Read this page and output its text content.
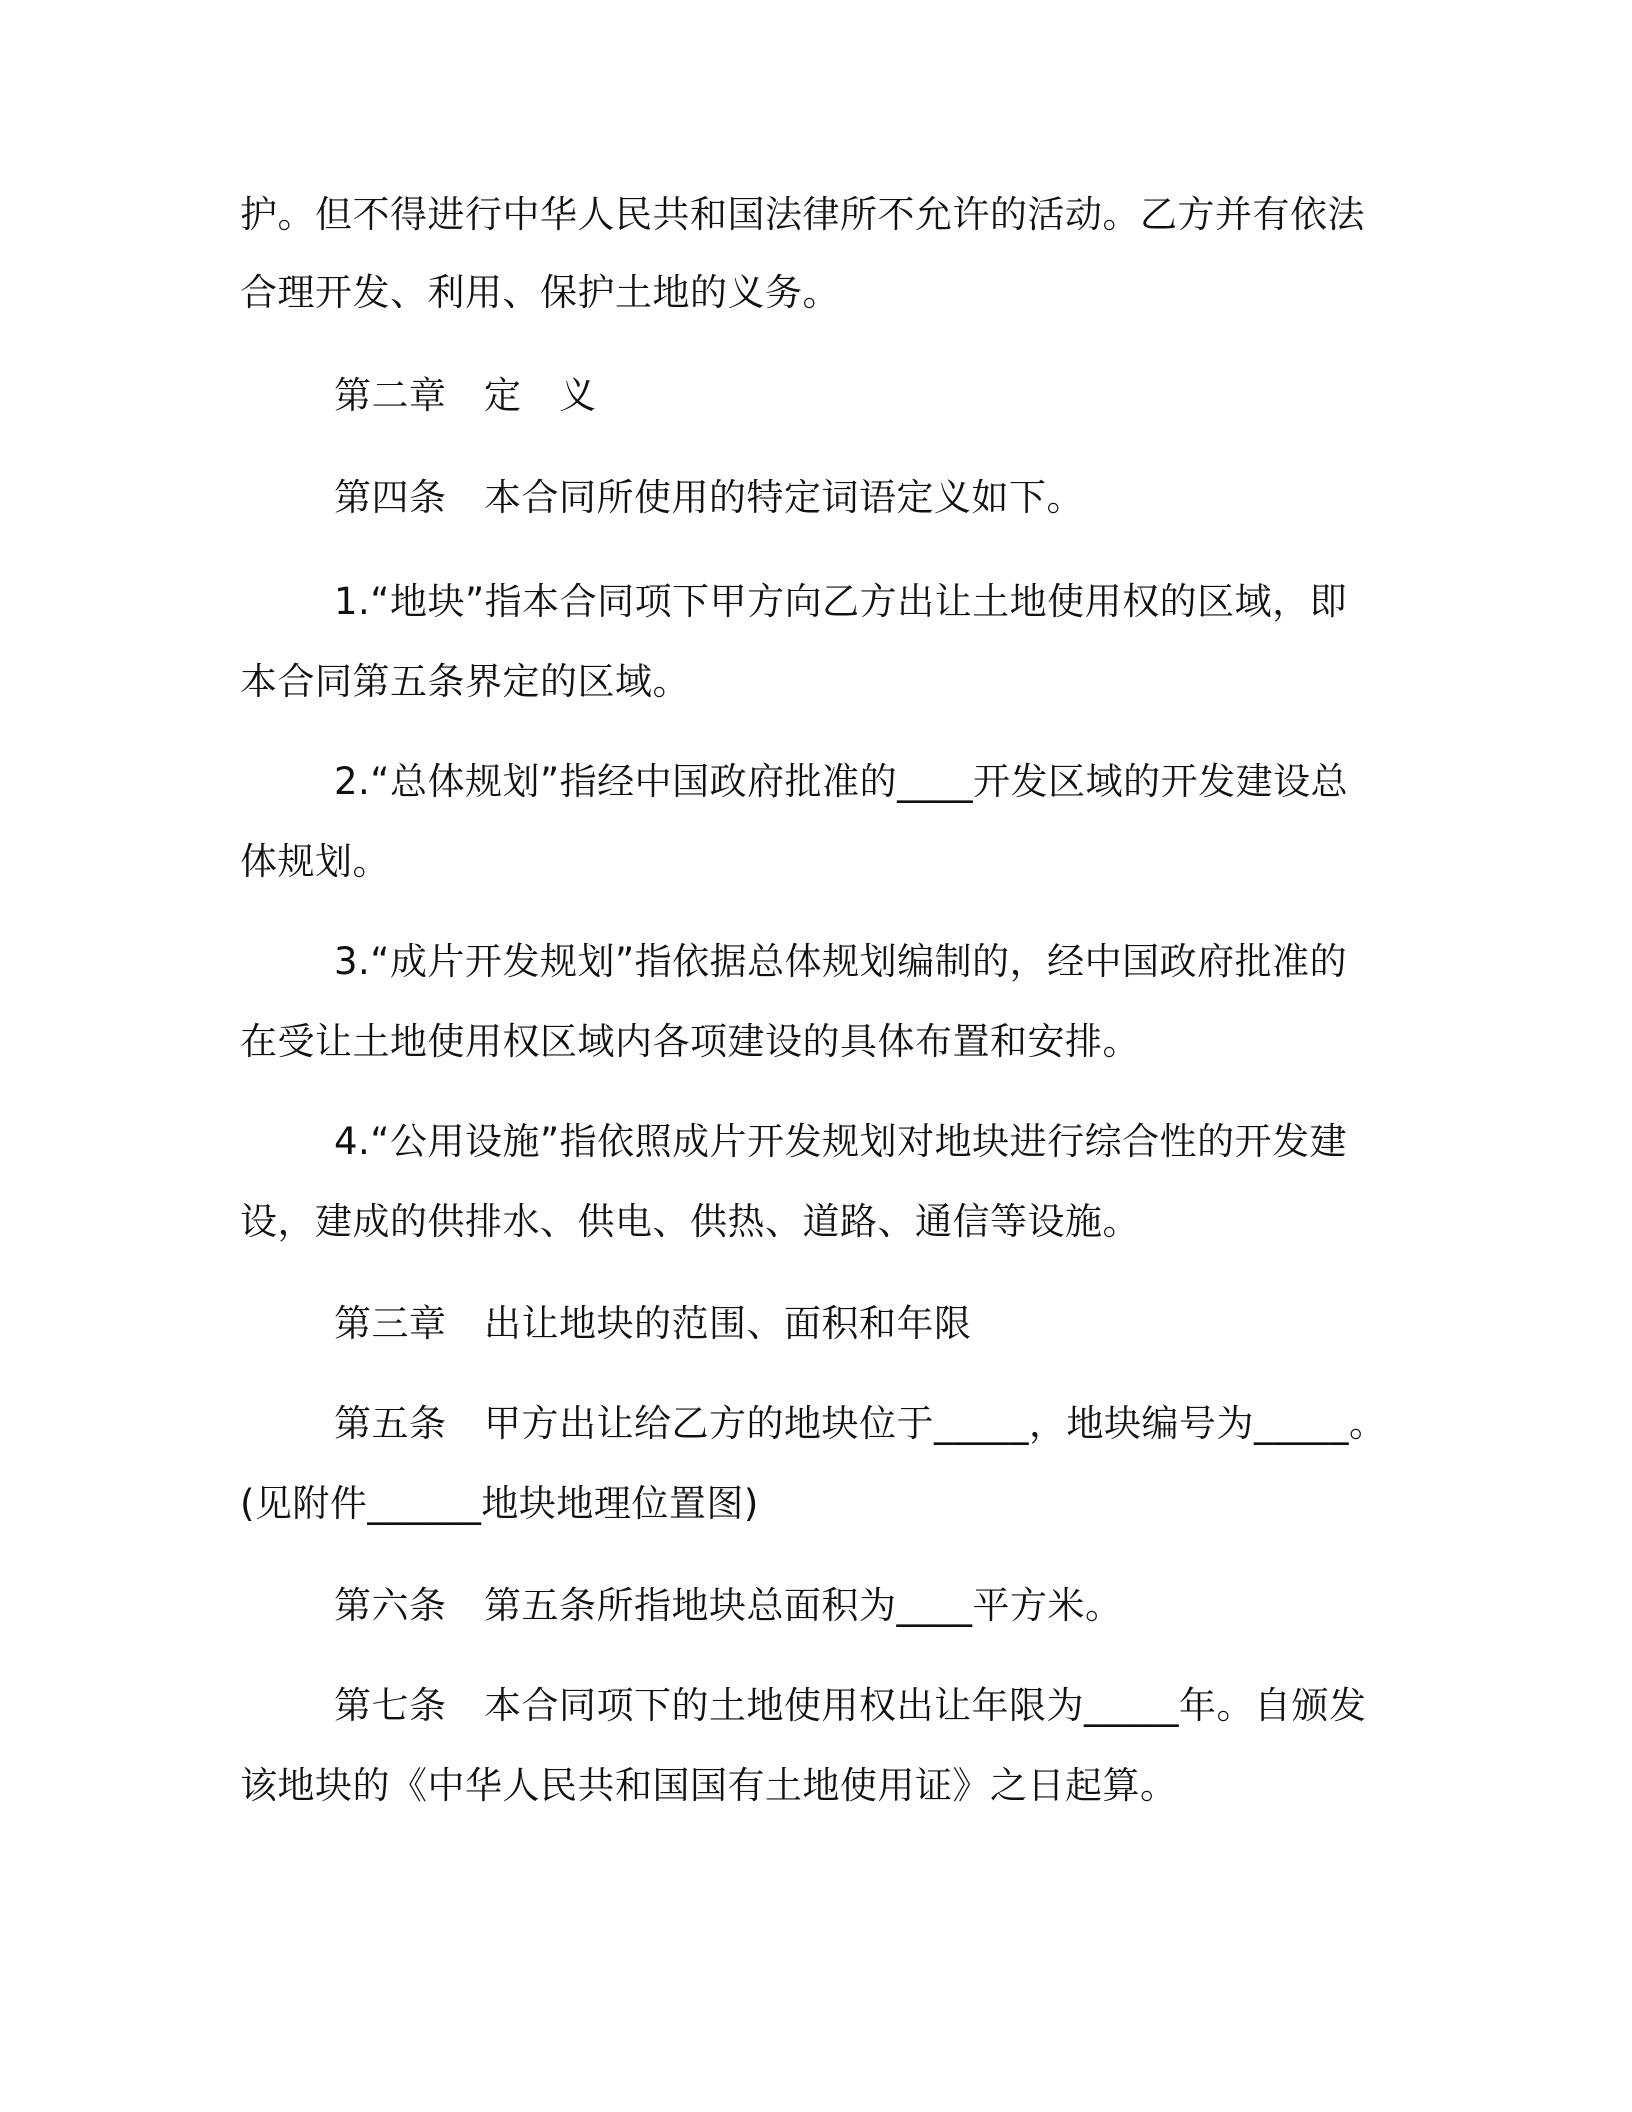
护。但不得进行中华人民共和国法律所不允许的活动。乙方并有依法
合理开发、利用、保护土地的义务。
第二章　定　义
第四条　本合同所使用的特定词语定义如下。
1.“地块”指本合同项下甲方向乙方出让土地使用权的区域，即
本合同第五条界定的区域。
2.“总体规划”指经中国政府批准的____开发区域的开发建设总
体规划。
3.“成片开发规划”指依据总体规划编制的，经中国政府批准的
在受让土地使用权区域内各项建设的具体布置和安排。
4.“公用设施”指依照成片开发规划对地块进行综合性的开发建
设，建成的供排水、供电、供热、道路、通信等设施。
第三章　出让地块的范围、面积和年限
第五条　甲方出让给乙方的地块位于_____，地块编号为_____。
(见附件______地块地理位置图)
第六条　第五条所指地块总面积为____平方米。
第七条　本合同项下的土地使用权出让年限为_____年。自颁发
该地块的《中华人民共和国国有土地使用证》之日起算。
